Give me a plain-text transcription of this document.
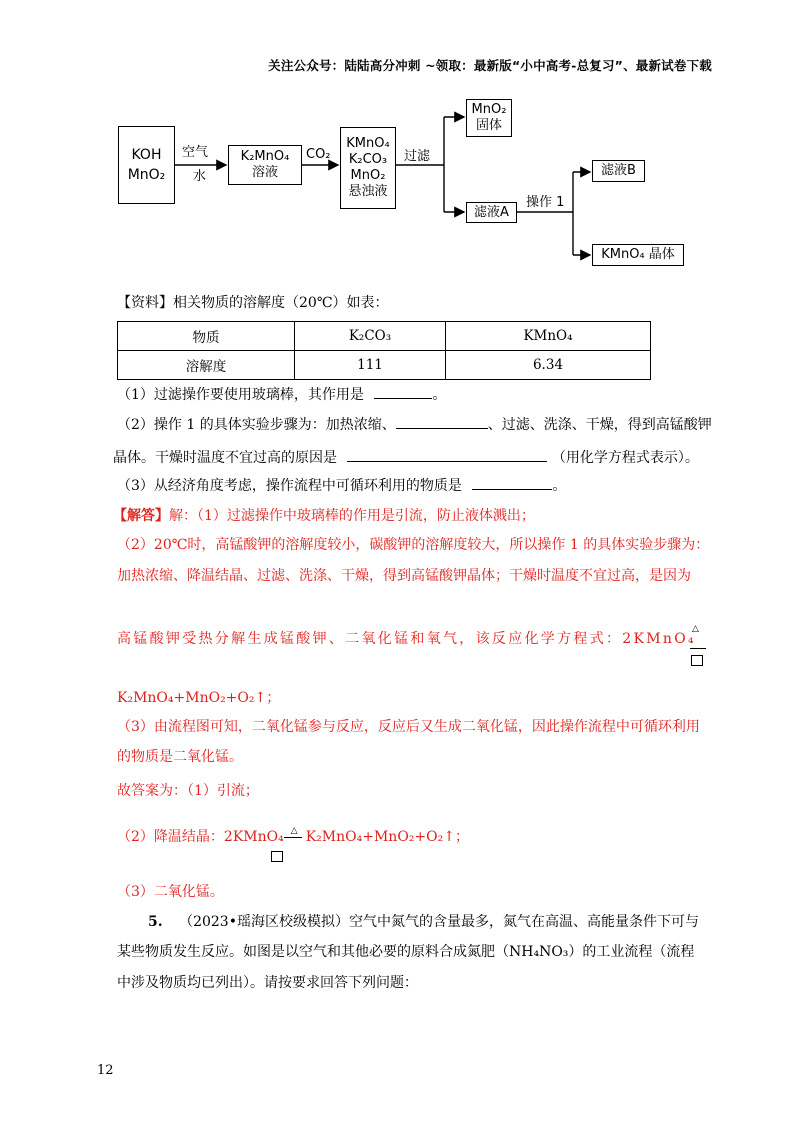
关注公众号：陆陆高分冲刺 ~领取：最新版“小中高考-总复习”、最新试卷下载
KOH
MnO₂
空气
水
K₂MnO₄
溶液
CO₂
KMnO₄
K₂CO₃
MnO₂
悬浊液
过滤
MnO₂
固体
滤液A
操作 1
滤液B
KMnO₄ 晶体
【资料】相关物质的溶解度（20℃）如表：
物质	K₂CO₃	KMnO₄
溶解度	111	6.34
（1）过滤操作要使用玻璃棒，其作用是	。
（2）操作 1 的具体实验步骤为：加热浓缩、	、过滤、洗涤、干燥，得到高锰酸钾
晶体。干燥时温度不宜过高的原因是	（用化学方程式表示）。
（3）从经济角度考虑，操作流程中可循环利用的物质是	。
【解答】解：（1）过滤操作中玻璃棒的作用是引流，防止液体溅出；
（2）20℃时，高锰酸钾的溶解度较小，碳酸钾的溶解度较大，所以操作 1 的具体实验步骤为：
加热浓缩、降温结晶、过滤、洗涤、干燥，得到高锰酸钾晶体；干燥时温度不宜过高，是因为
高锰酸钾受热分解生成锰酸钾、二氧化锰和氧气，该反应化学方程式：2KMnO₄
△
K₂MnO₄+MnO₂+O₂↑；
（3）由流程图可知，二氧化锰参与反应，反应后又生成二氧化锰，因此操作流程中可循环利用
的物质是二氧化锰。
故答案为：（1）引流；
（2）降温结晶：2KMnO₄ △ K₂MnO₄+MnO₂+O₂↑；
（3）二氧化锰。
5. （2023•瑶海区校级模拟）空气中氮气的含量最多，氮气在高温、高能量条件下可与
某些物质发生反应。如图是以空气和其他必要的原料合成氮肥（NH₄NO₃）的工业流程（流程
中涉及物质均已列出）。请按要求回答下列问题：
12
